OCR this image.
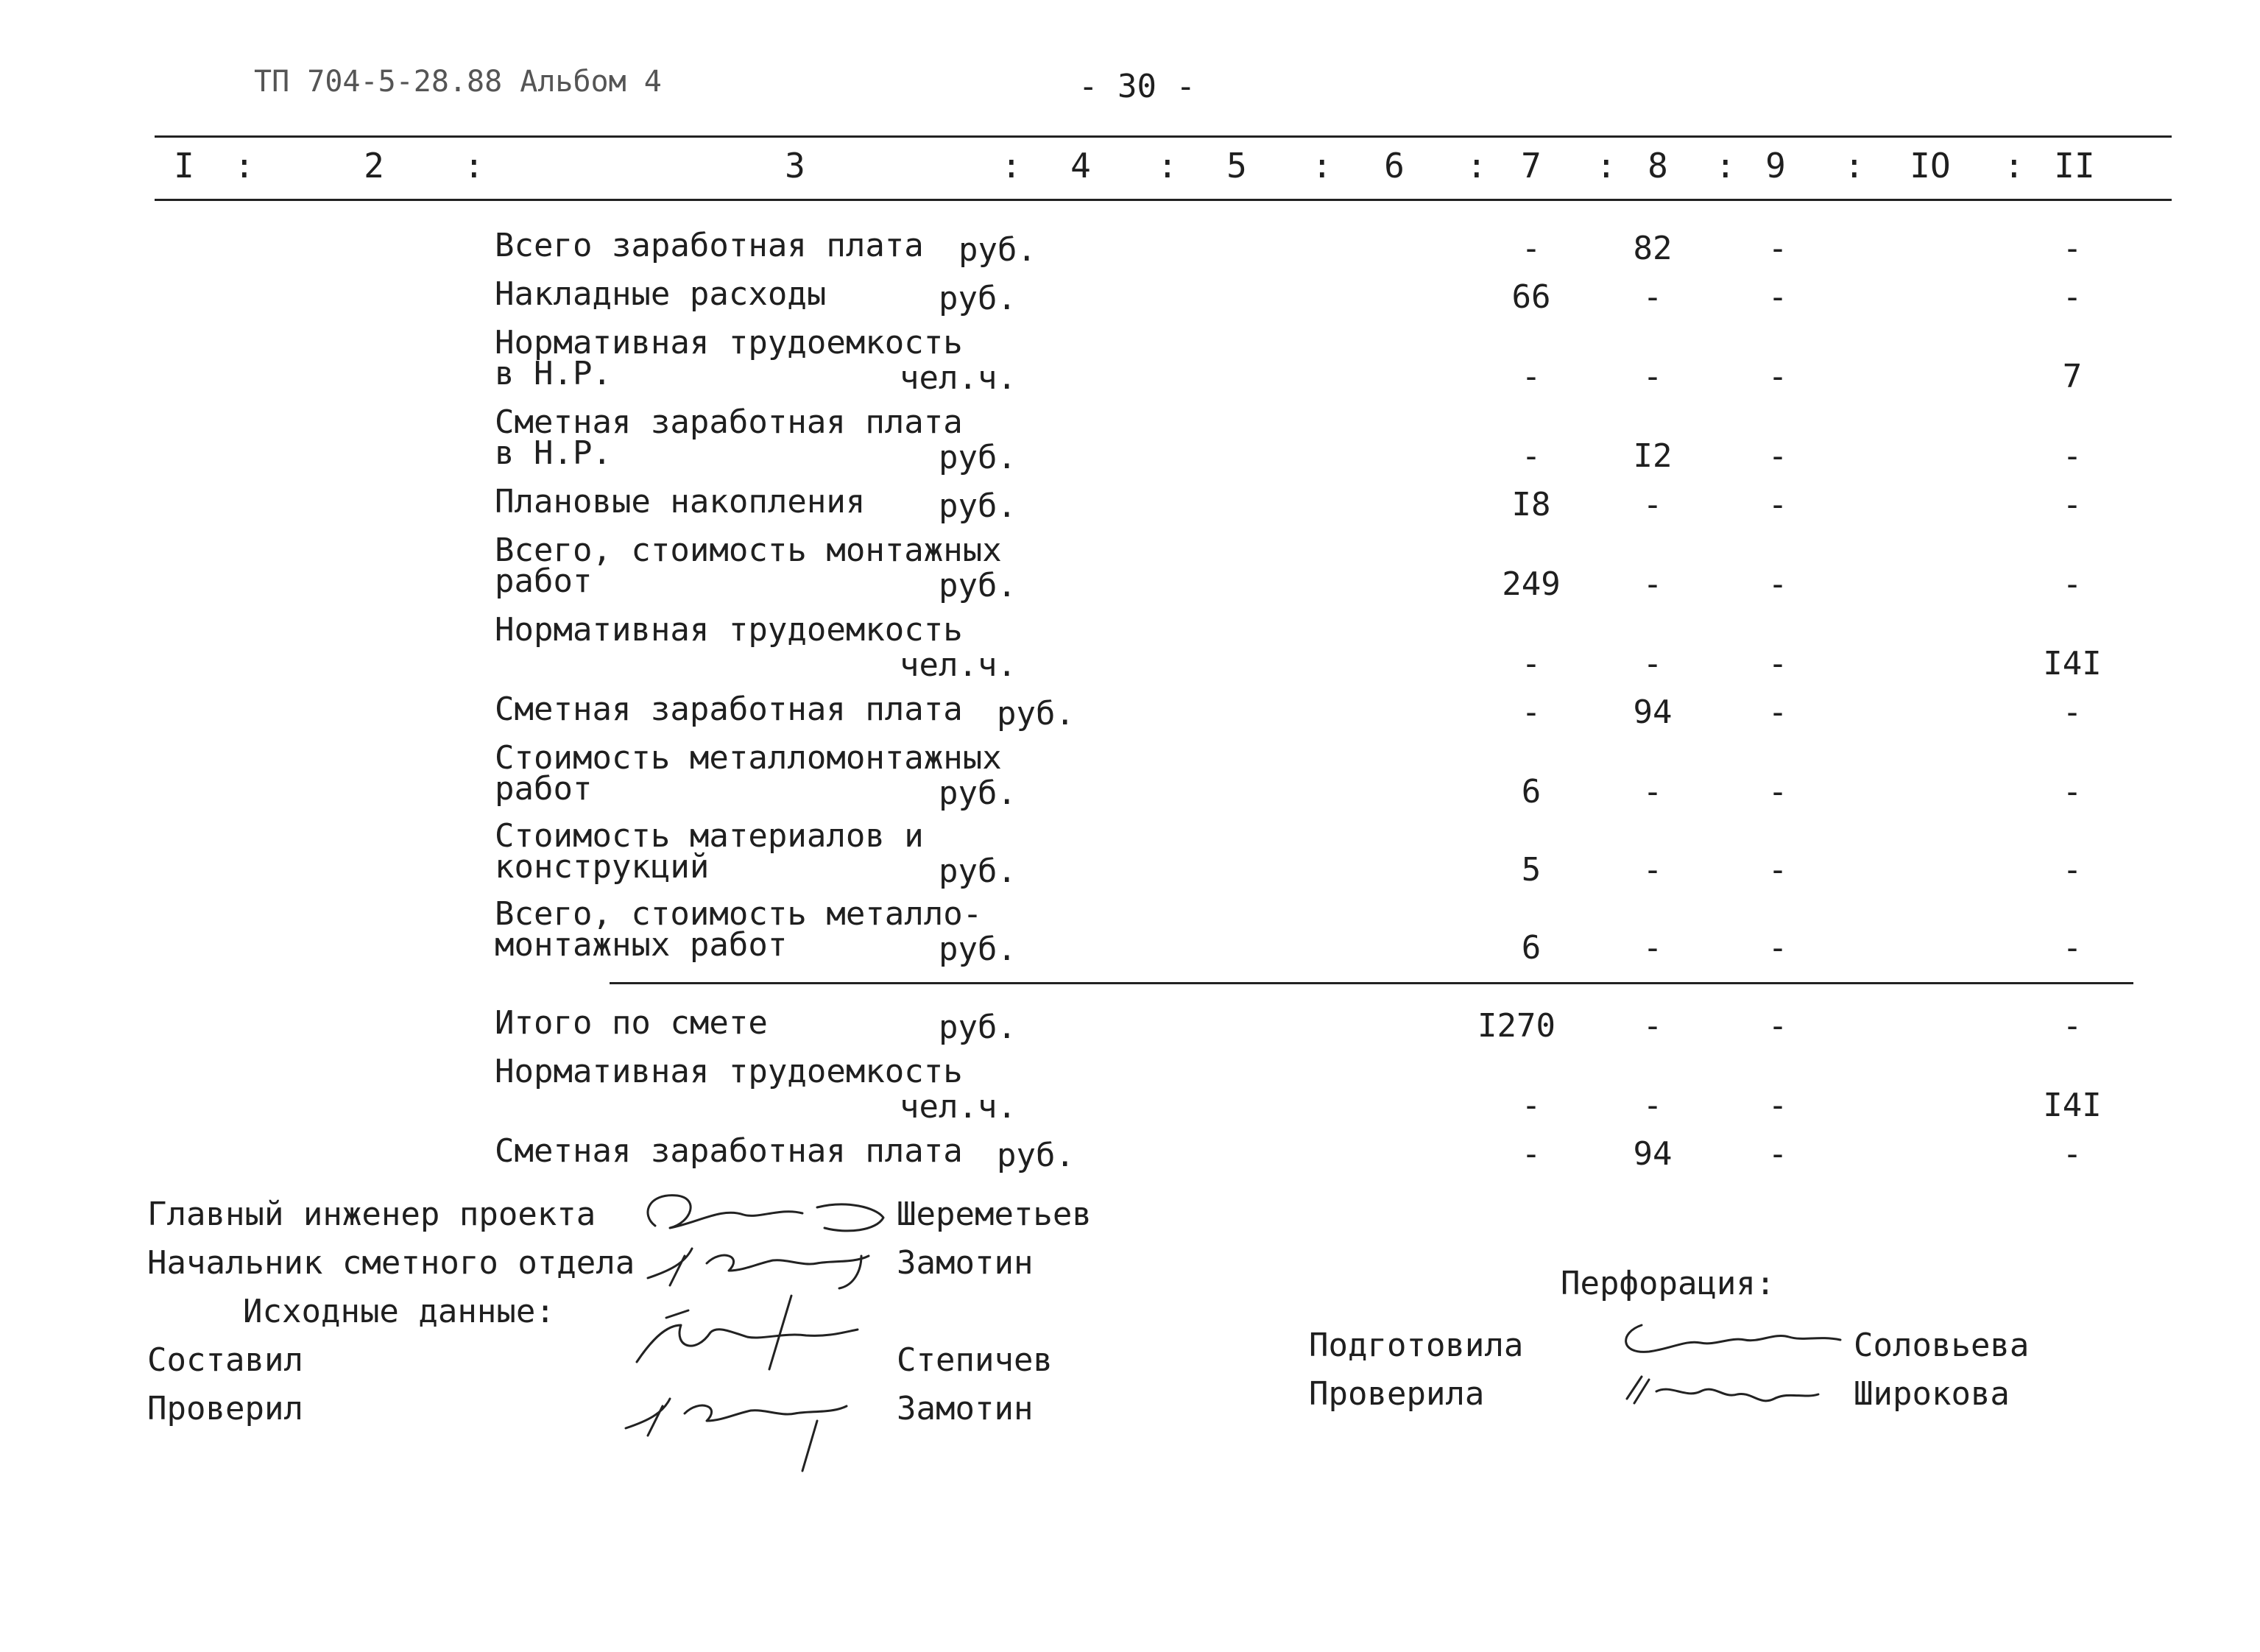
ТП 704-5-28.88 Альбом 4	- 30 -
I	:	2	:	3	:	4	:	5	:	6	:	7	: 8	: 9	:	IO	: II
Всего заработная плата руб.	-	82	-	-
Накладные расходы	руб.	66	-	-	-
Нормативная трудоемкость
в Н.Р.	чел.ч.	-	-	-	7
Сметная заработная плата
в Н.Р.	руб.	-	I2	-	-
Плановые накопления руб.	I8	-	-	-
Всего, стоимость монтажных
работ	руб.	249	-	-	-
Нормативная трудоемкость
чел.ч.	-	-	-	I4I
Сметная заработная плата руб.	-	94	-	-
Стоимость металломонтажных
работ	руб.	6	-	-	-
Стоимость материалов и
конструкций	руб.	5	-	-	-
Всего, стоимость металло-
монтажных работ	руб.	6	-	-	-
Итого по смете	руб.	I270	-	-	-
Нормативная трудоемкость
чел.ч.	-	-	-	I4I
Сметная заработная плата руб.	-	94	-	-
Главный инженер проекта	Шереметьев
Начальник сметного отдела	Замотин
Исходные данные:
Составил	Степичев
Проверил	Замотин
Перфорация:
Подготовила	Соловьева
Проверила	Широкова
